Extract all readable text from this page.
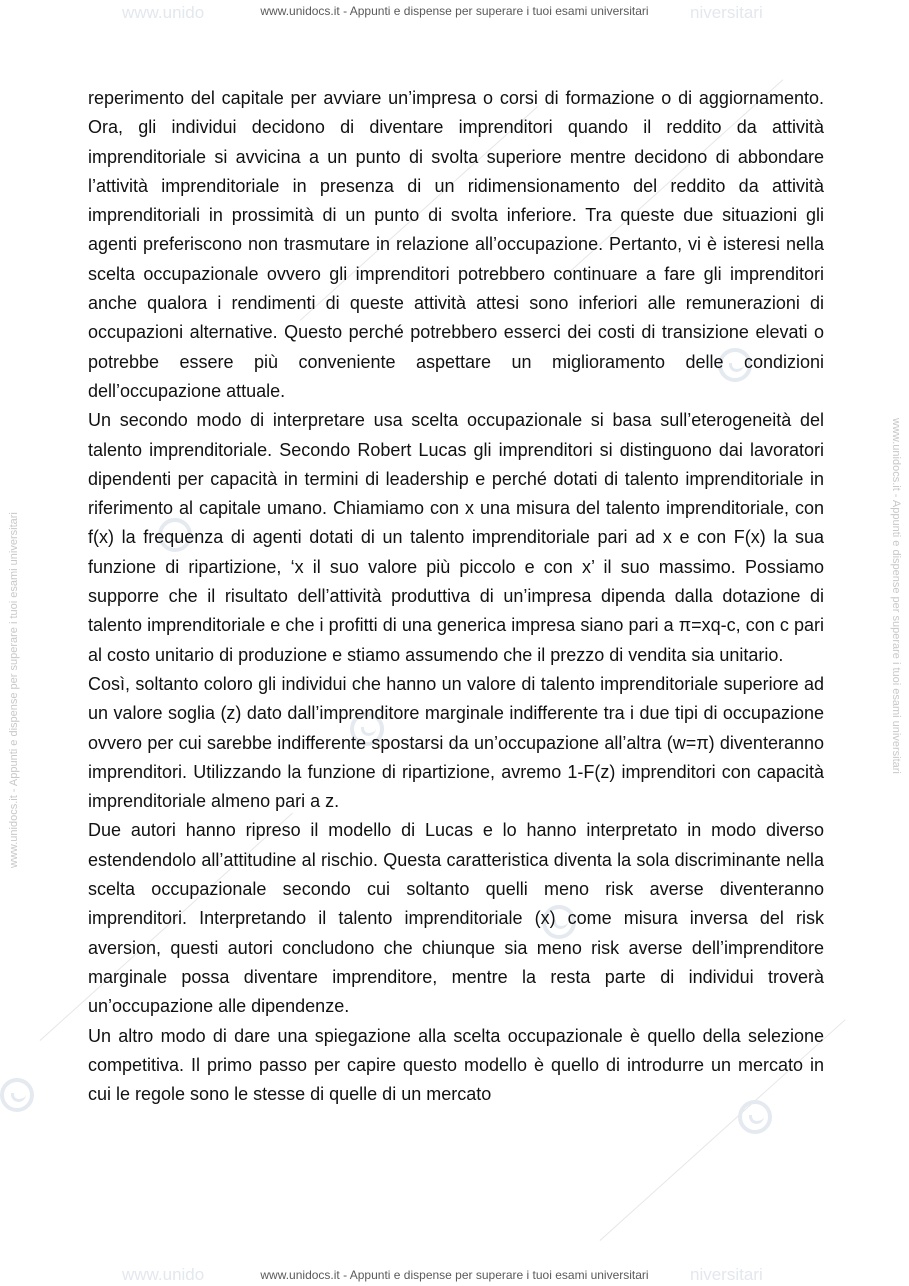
www.unido	niversitari
www.unido	niversitari
www.unidocs.it - Appunti e dispense per superare i tuoi esami universitari
www.unidocs.it - Appunti e dispense per superare i tuoi esami universitari
www.unidocs.it - Appunti e dispense per superare i tuoi esami universitari	www.unidocs.it - Appunti e dispense per superare i tuoi esami universitari

reperimento del capitale per avviare un’impresa o corsi di formazione o di aggiornamento. Ora, gli individui decidono di diventare imprenditori quando il reddito da attività imprenditoriale si avvicina a un punto di svolta superiore mentre decidono di abbondare l’attività imprenditoriale in presenza di un ridimensionamento del reddito da attività imprenditoriali in prossimità di un punto di svolta inferiore. Tra queste due situazioni gli agenti preferiscono non trasmutare in relazione all’occupazione. Pertanto, vi è isteresi nella scelta occupazionale ovvero gli imprenditori potrebbero continuare a fare gli imprenditori anche qualora i rendimenti di queste attività attesi sono inferiori alle remunerazioni di occupazioni alternative. Questo perché potrebbero esserci dei costi di transizione elevati o potrebbe essere più conveniente aspettare un miglioramento delle condizioni dell’occupazione attuale.

Un secondo modo di interpretare usa scelta occupazionale si basa sull’eterogeneità del talento imprenditoriale. Secondo Robert Lucas gli imprenditori si distinguono dai lavoratori dipendenti per capacità in termini di leadership e perché dotati di talento imprenditoriale in riferimento al capitale umano. Chiamiamo con x una misura del talento imprenditoriale, con f(x) la frequenza di agenti dotati di un talento imprenditoriale pari ad x e con F(x) la sua funzione di ripartizione, ‘x il suo valore più piccolo e con x’ il suo massimo. Possiamo supporre che il risultato dell’attività produttiva di un’impresa dipenda dalla dotazione di talento imprenditoriale e che i profitti di una generica impresa siano pari a π=xq-c, con c pari al costo unitario di produzione e stiamo assumendo che il prezzo di vendita sia unitario.

Così, soltanto coloro gli individui che hanno un valore di talento imprenditoriale superiore ad un valore soglia (z) dato dall’imprenditore marginale indifferente tra i due tipi di occupazione ovvero per cui sarebbe indifferente spostarsi da un’occupazione all’altra (w=π) diventeranno imprenditori. Utilizzando la funzione di ripartizione, avremo 1-F(z) imprenditori con capacità imprenditoriale almeno pari a z.

Due autori hanno ripreso il modello di Lucas e lo hanno interpretato in modo diverso estendendolo all’attitudine al rischio. Questa caratteristica diventa la sola discriminante nella scelta occupazionale secondo cui soltanto quelli meno risk averse diventeranno imprenditori. Interpretando il talento imprenditoriale (x) come misura inversa del risk aversion, questi autori concludono che chiunque sia meno risk averse dell’imprenditore marginale possa diventare imprenditore, mentre la resta parte di individui troverà un’occupazione alle dipendenze.

Un altro modo di dare una spiegazione alla scelta occupazionale è quello della selezione competitiva. Il primo passo per capire questo modello è quello di introdurre un mercato in cui le regole sono le stesse di quelle di un mercato
